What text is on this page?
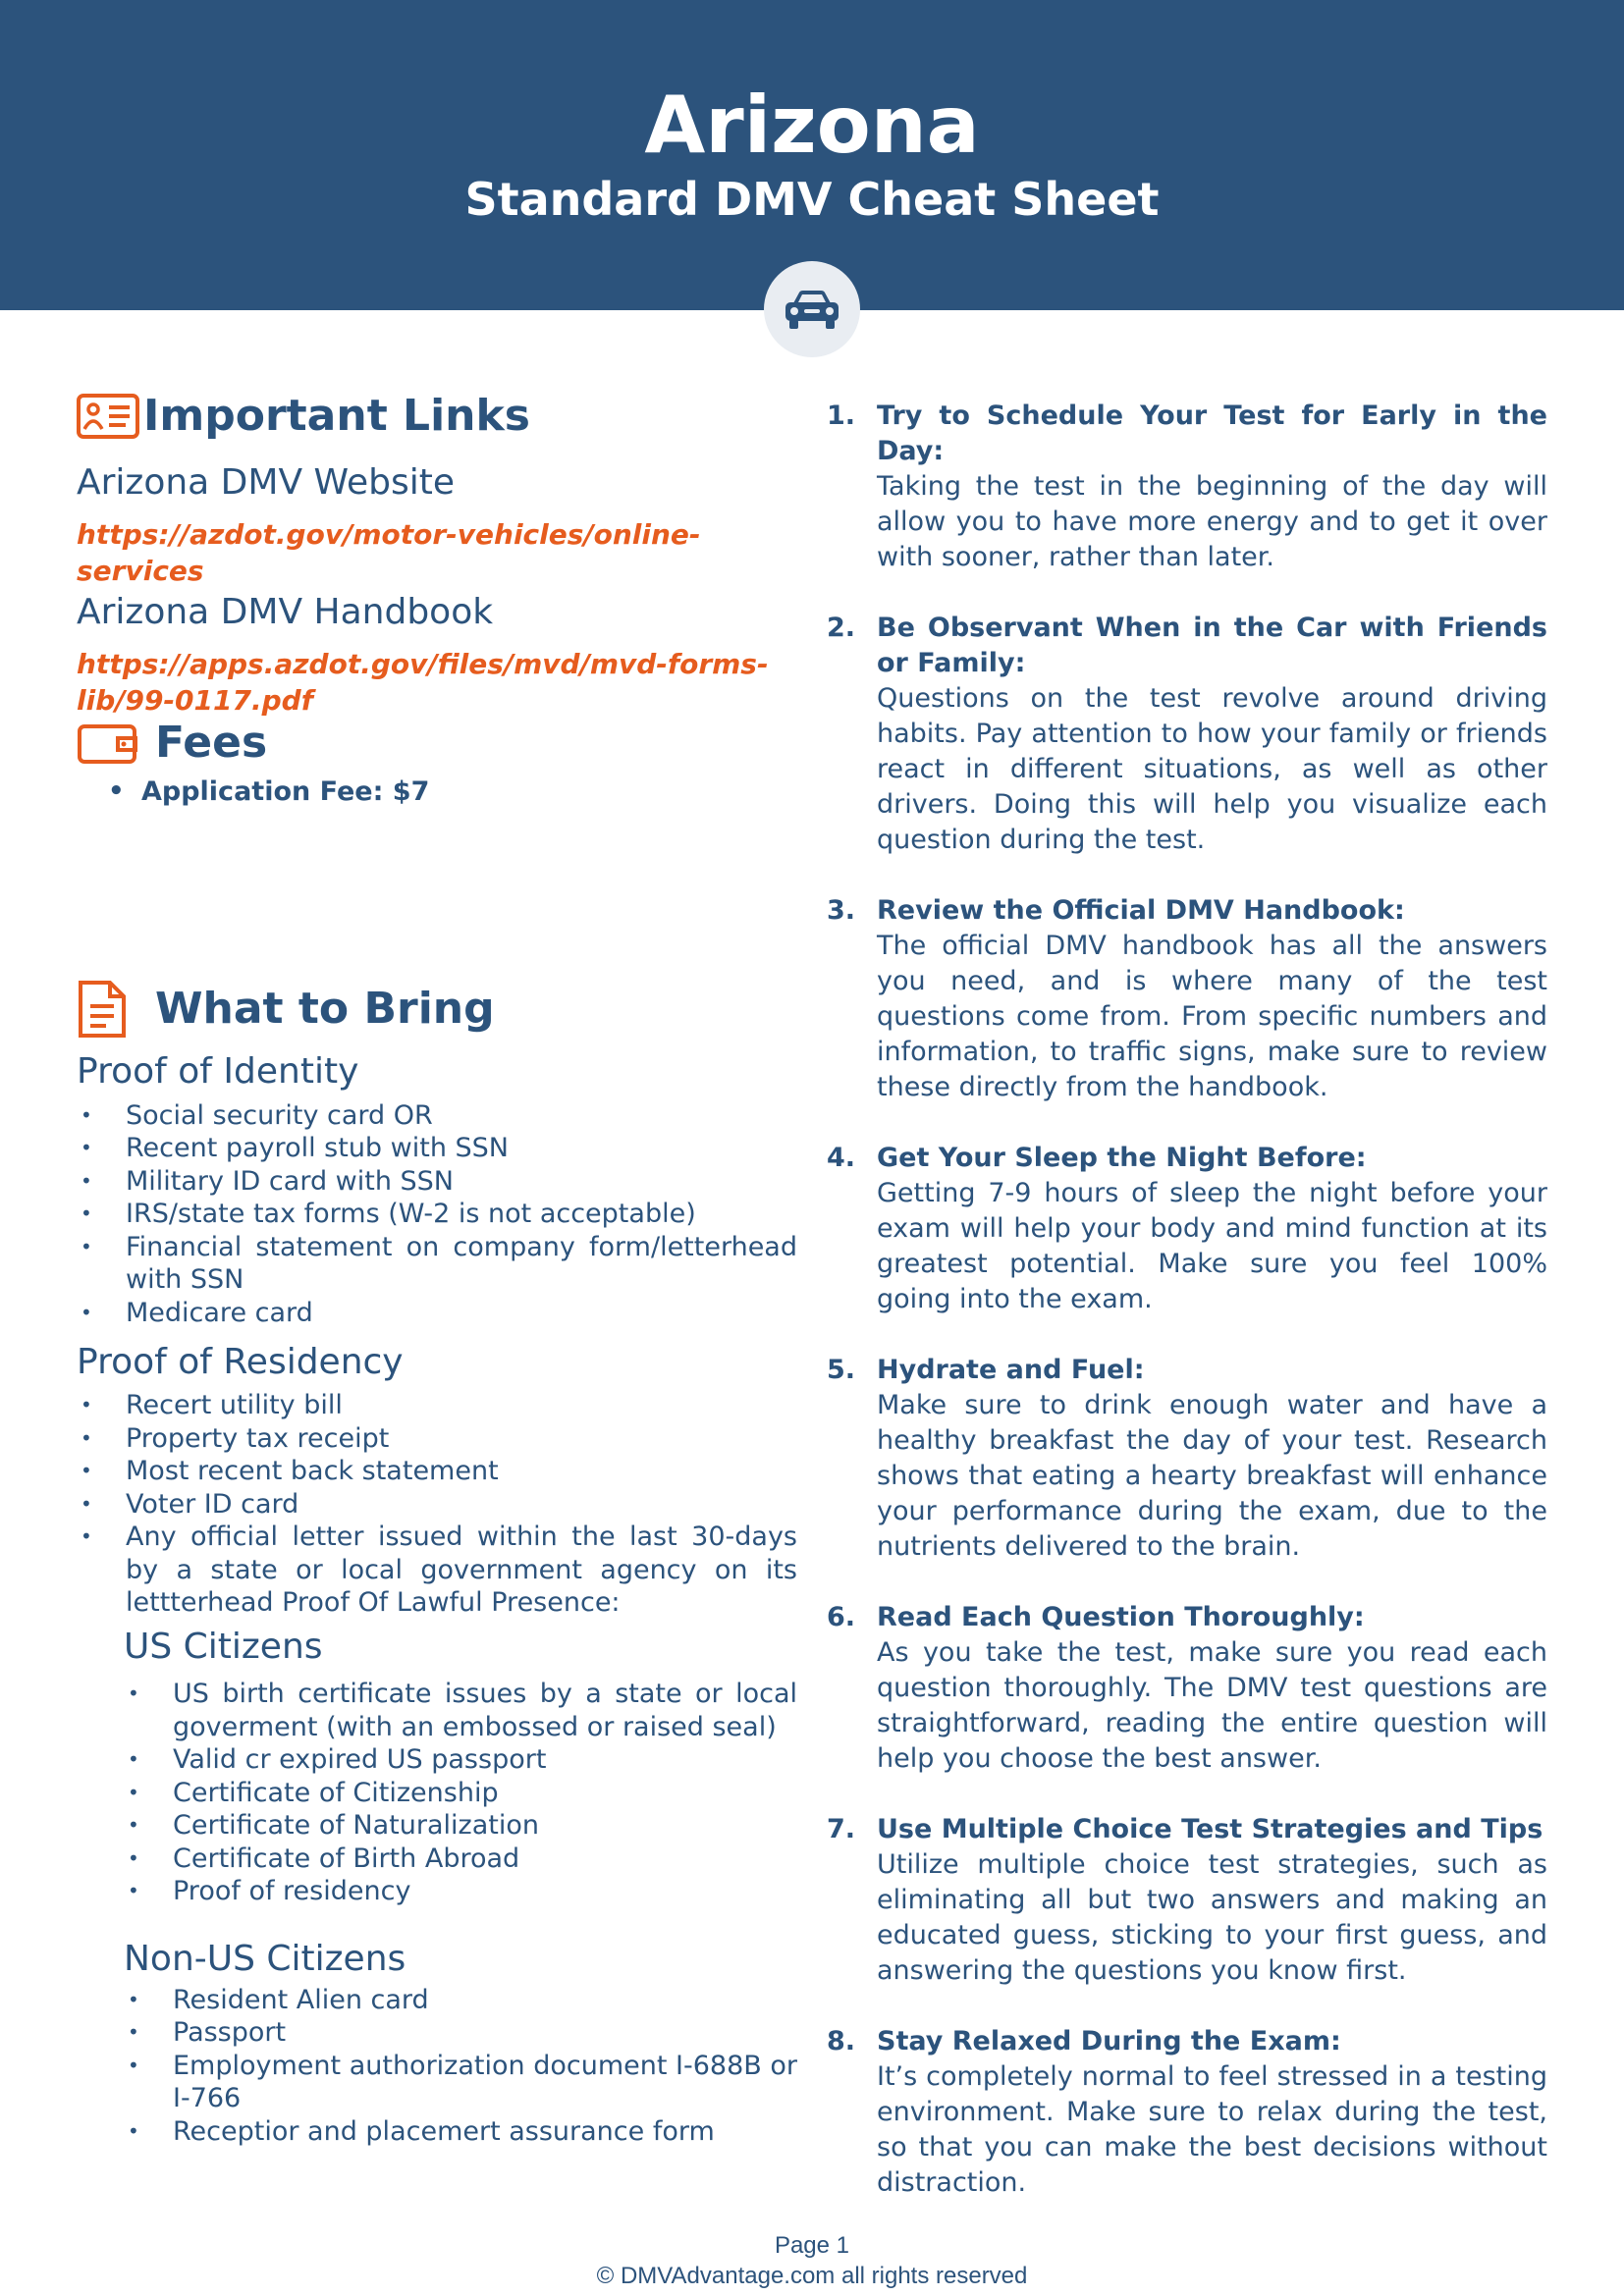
Arizona
Standard DMV Cheat Sheet
Important Links
Arizona DMV Website
https://azdot.gov/motor-vehicles/online-services
Arizona DMV Handbook
https://apps.azdot.gov/files/mvd/mvd-forms-lib/99-0117.pdf
Fees
• Application Fee: $7
What to Bring
Proof of Identity
• Social security card OR
• Recent payroll stub with SSN
• Military ID card with SSN
• IRS/state tax forms (W-2 is not acceptable)
• Financial statement on company form/letterhead with SSN
• Medicare card
Proof of Residency
• Recert utility bill
• Property tax receipt
• Most recent back statement
• Voter ID card
• Any official letter issued within the last 30-days by a state or local government agency on its lettterhead Proof Of Lawful Presence:
US Citizens
• US birth certificate issues by a state or local goverment (with an embossed or raised seal)
• Valid cr expired US passport
• Certificate of Citizenship
• Certificate of Naturalization
• Certificate of Birth Abroad
• Proof of residency
Non-US Citizens
• Resident Alien card
• Passport
• Employment authorization document I-688B or I-766
• Receptior and placemert assurance form
1. Try to Schedule Your Test for Early in the Day:
Taking the test in the beginning of the day will allow you to have more energy and to get it over with sooner, rather than later.
2. Be Observant When in the Car with Friends or Family:
Questions on the test revolve around driving habits. Pay attention to how your family or friends react in different situations, as well as other drivers. Doing this will help you visualize each question during the test.
3. Review the Official DMV Handbook:
The official DMV handbook has all the answers you need, and is where many of the test questions come from. From specific numbers and information, to traffic signs, make sure to review these directly from the handbook.
4. Get Your Sleep the Night Before:
Getting 7-9 hours of sleep the night before your exam will help your body and mind function at its greatest potential. Make sure you feel 100% going into the exam.
5. Hydrate and Fuel:
Make sure to drink enough water and have a healthy breakfast the day of your test. Research shows that eating a hearty breakfast will enhance your performance during the exam, due to the nutrients delivered to the brain.
6. Read Each Question Thoroughly:
As you take the test, make sure you read each question thoroughly. The DMV test questions are straightforward, reading the entire question will help you choose the best answer.
7. Use Multiple Choice Test Strategies and Tips
Utilize multiple choice test strategies, such as eliminating all but two answers and making an educated guess, sticking to your first guess, and answering the questions you know first.
8. Stay Relaxed During the Exam:
It’s completely normal to feel stressed in a testing environment. Make sure to relax during the test, so that you can make the best decisions without distraction.
Page 1
© DMVAdvantage.com all rights reserved
